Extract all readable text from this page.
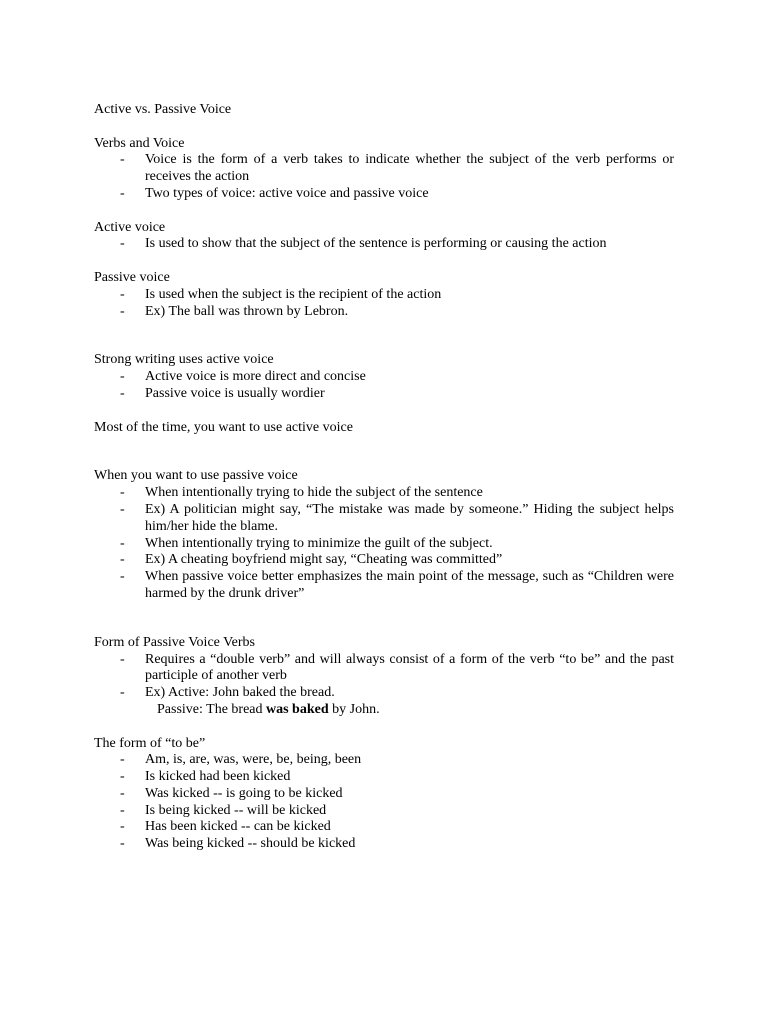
Active vs. Passive Voice

Verbs and Voice

- Voice is the form of a verb takes to indicate whether the subject of the verb performs or receives the action
- Two types of voice: active voice and passive voice

Active voice

- Is used to show that the subject of the sentence is performing or causing the action

Passive voice

- Is used when the subject is the recipient of the action
- Ex) The ball was thrown by Lebron.

Strong writing uses active voice

- Active voice is more direct and concise
- Passive voice is usually wordier

Most of the time, you want to use active voice

When you want to use passive voice

- When intentionally trying to hide the subject of the sentence
- Ex) A politician might say, “The mistake was made by someone.” Hiding the subject helps him/her hide the blame.
- When intentionally trying to minimize the guilt of the subject.
- Ex) A cheating boyfriend might say, “Cheating was committed”
- When passive voice better emphasizes the main point of the message, such as “Children were harmed by the drunk driver”

Form of Passive Voice Verbs

- Requires a “double verb” and will always consist of a form of the verb “to be” and the past participle of another verb
- Ex) Active: John baked the bread.

Passive: The bread was baked by John.

The form of “to be”

- Am, is, are, was, were, be, being, been
- Is kicked had been kicked
- Was kicked -- is going to be kicked
- Is being kicked -- will be kicked
- Has been kicked -- can be kicked
- Was being kicked -- should be kicked
